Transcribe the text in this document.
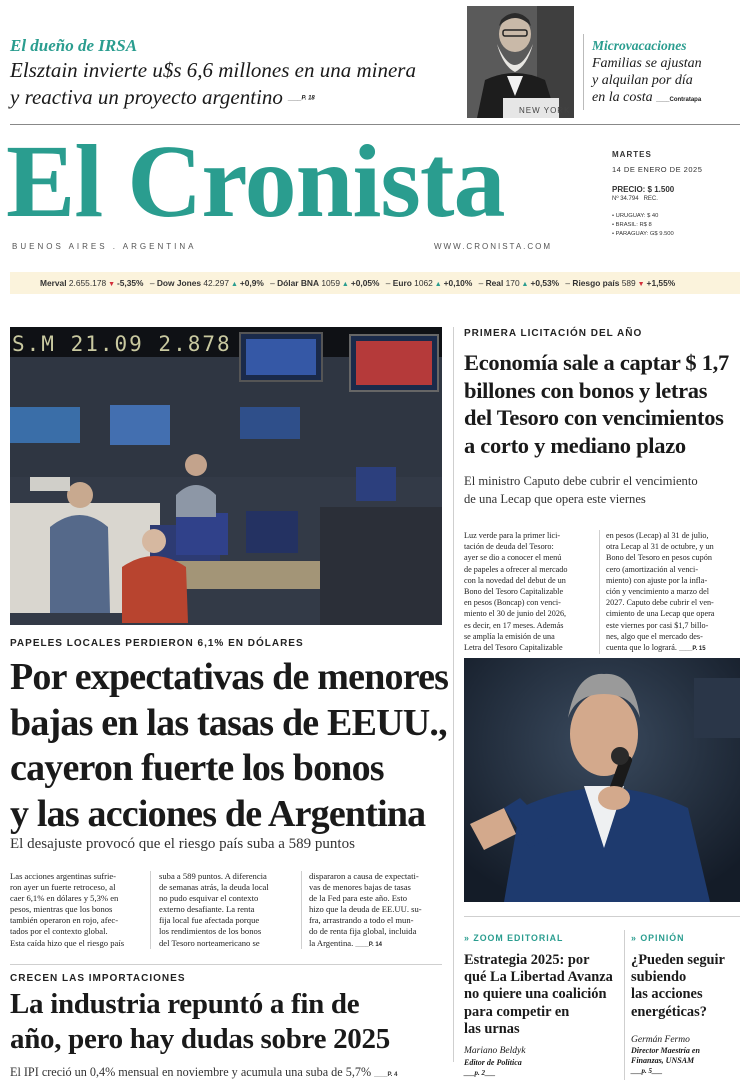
El dueño de IRSA
Elsztain invierte u$s 6,6 millones en una minera
y reactiva un proyecto argentino ____P. 18
NEW YORK
Microvacaciones
Familias se ajustan
y alquilan por día
en la costa ____Contratapa
El Cronista
BUENOS AIRES . ARGENTINA	WWW.CRONISTA.COM
MARTES
14 DE ENERO DE 2025
PRECIO: $ 1.500
Nº 34.794 REC.
• URUGUAY: $ 40
• BRASIL: R$ 8
• PARAGUAY: G$ 9.500
Merval 2.655.178 ▼ -5,35% – Dow Jones 42.297 ▲ +0,9% – Dólar BNA 1059 ▲ +0,05% – Euro 1062 ▲ +0,10% – Real 170 ▲ +0,53% – Riesgo país 589 ▼ +1,55%
S.M 21.09 2.878
PAPELES LOCALES PERDIERON 6,1% EN DÓLARES
Por expectativas de menores
bajas en las tasas de EEUU.,
cayeron fuerte los bonos
y las acciones de Argentina
El desajuste provocó que el riesgo país suba a 589 puntos
Las acciones argentinas sufrie-
ron ayer un fuerte retroceso, al
caer 6,1% en dólares y 5,3% en
pesos, mientras que los bonos
también operaron en rojo, afec-
tados por el contexto global.
Esta caída hizo que el riesgo país
suba a 589 puntos. A diferencia
de semanas atrás, la deuda local
no pudo esquivar el contexto
externo desafiante. La renta
fija local fue afectada porque
los rendimientos de los bonos
del Tesoro norteamericano se
dispararon a causa de expectati-
vas de menores bajas de tasas
de la Fed para este año. Esto
hizo que la deuda de EE.UU. su-
fra, arrastrando a todo el mun-
do de renta fija global, incluida
la Argentina. ____P. 14
CRECEN LAS IMPORTACIONES
La industria repuntó a fin de
año, pero hay dudas sobre 2025
El IPI creció un 0,4% mensual en noviembre y acumula una suba de 5,7% ____P. 4
PRIMERA LICITACIÓN DEL AÑO
Economía sale a captar $ 1,7
billones con bonos y letras
del Tesoro con vencimientos
a corto y mediano plazo
El ministro Caputo debe cubrir el vencimiento
de una Lecap que opera este viernes
Luz verde para la primer lici-
tación de deuda del Tesoro:
ayer se dio a conocer el menú
de papeles a ofrecer al mercado
con la novedad del debut de un
Bono del Tesoro Capitalizable
en pesos (Boncap) con venci-
miento el 30 de junio del 2026,
es decir, en 17 meses. Además
se amplía la emisión de una
Letra del Tesoro Capitalizable
en pesos (Lecap) al 31 de julio,
otra Lecap al 31 de octubre, y un
Bono del Tesoro en pesos cupón
cero (amortización al venci-
miento) con ajuste por la infla-
ción y vencimiento a marzo del
2027. Caputo debe cubrir el ven-
cimiento de una Lecap que opera
este viernes por casi $1,7 billo-
nes, algo que el mercado des-
cuenta que lo logrará. ____P. 15
» ZOOM EDITORIAL
Estrategia 2025: por
qué La Libertad Avanza
no quiere una coalición
para competir en
las urnas
Mariano Beldyk
Editor de Política
___p. 2___
» OPINIÓN
¿Pueden seguir
subiendo
las acciones
energéticas?
Germán Fermo
Director Maestría en
Finanzas, UNSAM
___p. 5___
